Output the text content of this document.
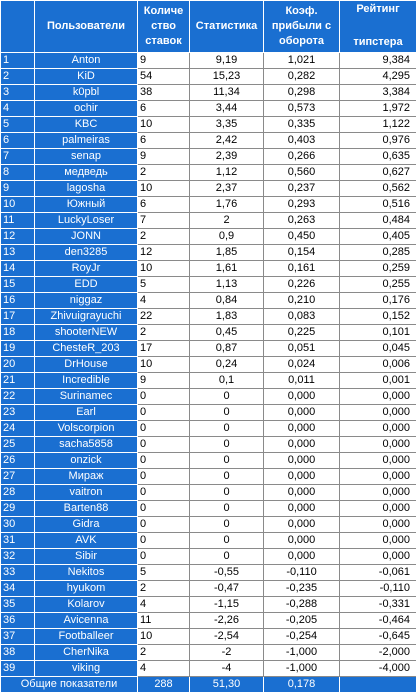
	Пользователи	Количе ство ставок	Статистика	Коэф. прибыли с оборота	Рейтинг
типстера

1	Anton	9	9,19	1,021	9,384
2	KiD	54	15,23	0,282	4,295
3	k0pbl	38	11,34	0,298	3,384
4	ochir	6	3,44	0,573	1,972
5	KBC	10	3,35	0,335	1,122
6	palmeiras	6	2,42	0,403	0,976
7	senap	9	2,39	0,266	0,635
8	медведь	2	1,12	0,560	0,627
9	lagosha	10	2,37	0,237	0,562
10	Южный	6	1,76	0,293	0,516
11	LuckyLoser	7	2	0,263	0,484
12	JONN	2	0,9	0,450	0,405
13	den3285	12	1,85	0,154	0,285
14	RoyJr	10	1,61	0,161	0,259
15	EDD	5	1,13	0,226	0,255
16	niggaz	4	0,84	0,210	0,176
17	Zhivuigrayuchi	22	1,83	0,083	0,152
18	shooterNEW	2	0,45	0,225	0,101
19	ChesteR_203	17	0,87	0,051	0,045
20	DrHouse	10	0,24	0,024	0,006
21	Incredible	9	0,1	0,011	0,001
22	Surinamec	0	0	0,000	0,000
23	Earl	0	0	0,000	0,000
24	Volscorpion	0	0	0,000	0,000
25	sacha5858	0	0	0,000	0,000
26	onzick	0	0	0,000	0,000
27	Мираж	0	0	0,000	0,000
28	vaitron	0	0	0,000	0,000
29	Barten88	0	0	0,000	0,000
30	Gidra	0	0	0,000	0,000
31	AVK	0	0	0,000	0,000
32	Sibir	0	0	0,000	0,000
33	Nekitos	5	-0,55	-0,110	-0,061
34	hyukom	2	-0,47	-0,235	-0,110
35	Kolarov	4	-1,15	-0,288	-0,331
36	Avicenna	11	-2,26	-0,205	-0,464
37	Footballeer	10	-2,54	-0,254	-0,645
38	CherNika	2	-2	-1,000	-2,000
39	viking	4	-4	-1,000	-4,000
Общие показатели		288	51,30	0,178	
